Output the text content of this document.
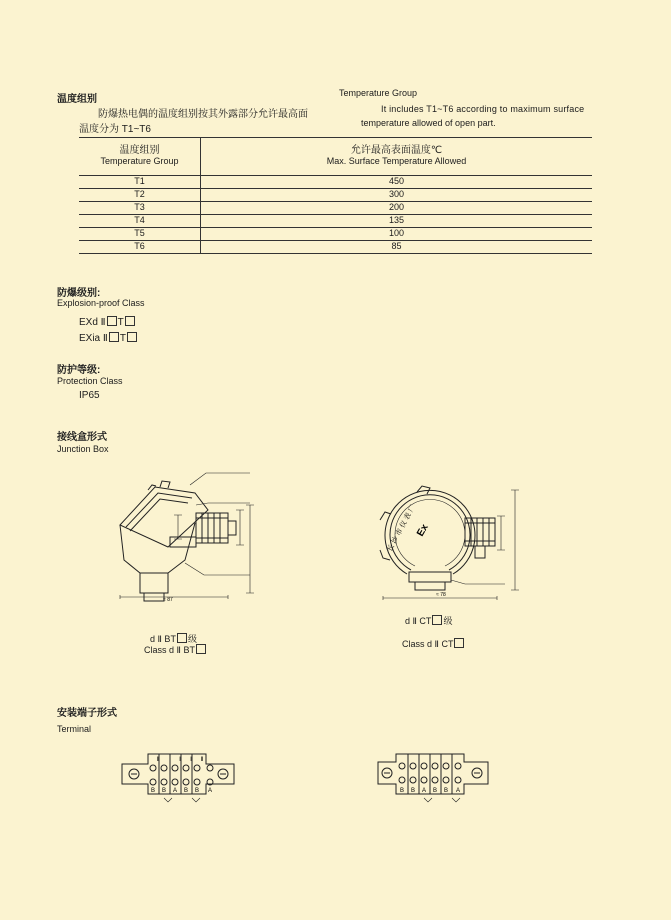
温度组别
防爆热电偶的温度组别按其外露部分允许最高面
温度分为 T1~T6
Temperature Group
It includes T1~T6 according to maximum surface
temperature allowed of open part.
温度组别
Temperature Group
允许最高表面温度℃
Max. Surface Temperature Allowed
T1	450
T2	300
T3	200
T4	135
T5	100
T6	85
防爆级别:
Explosion-proof Class
EXd Ⅱ T
EXia Ⅱ T
防护等级:
Protection Class
IP65
接线盒形式
Junction Box
≈ 87
d Ⅱ BT 级
Class d Ⅱ BT
Ex
长 沙 市 仪 表 厂
≈ 78
d Ⅱ CT 级
Class d Ⅱ CT
安装端子形式
Terminal
Ⅱ	Ⅰ Ⅰ Ⅱ
B B A B B A	B B A B B A
